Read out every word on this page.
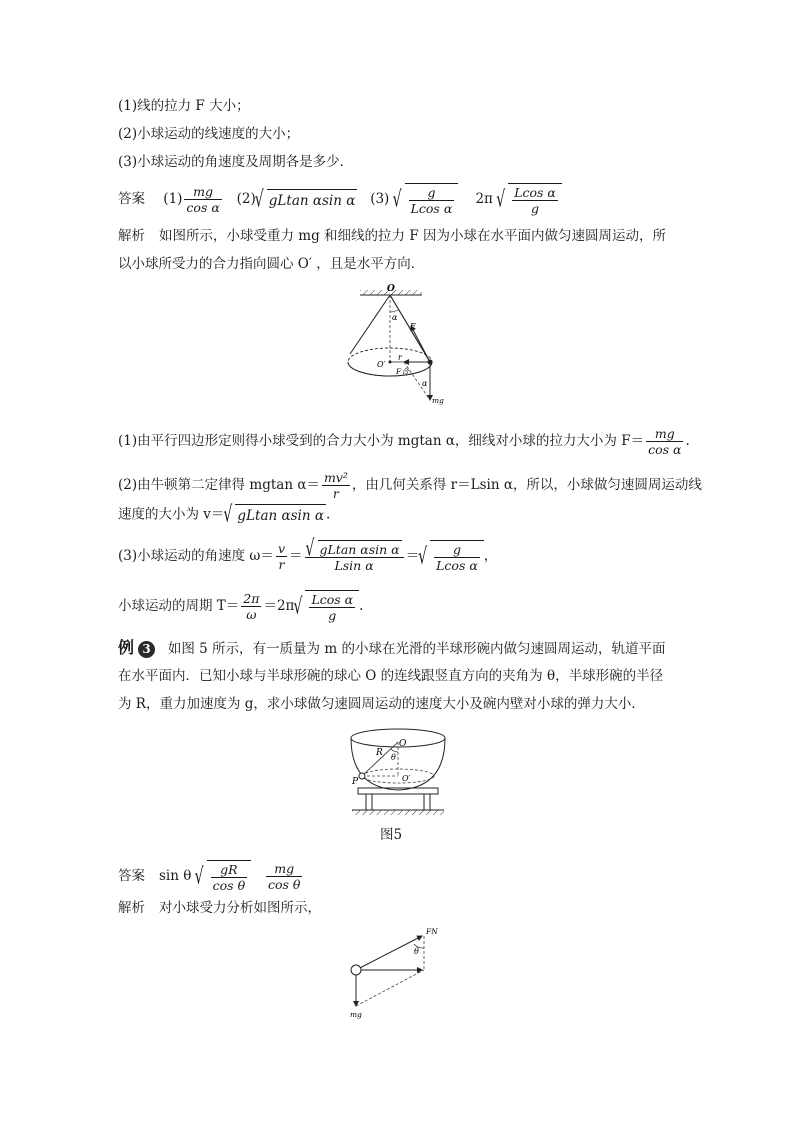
(1)线的拉力 F 大小；
(2)小球运动的线速度的大小；
(3)小球运动的角速度及周期各是多少．
答案 $(1) \frac{mg}{\text{cos α}} (2)√$ gLtan αsin α (3)
√ $\frac{g}{\text{Lcos α}} 2\pi$
√ $\frac{\text{Lcos α}}{g}$
解析 如图所示，小球受重力 mg 和细线的拉力 F 因为小球在水平面内做匀速圆周运动，所
以小球所受力的合力指向圆心 O′ ，且是水平方向．
O
α
F
r
O′
F合
α
mg
(1)由平行四边形定则得小球受到的合力大小为 mgtan α，细线对小球的拉力大小为 $F= \frac{mg}{\text{cos α}}$ .
(2)由牛顿第二定律得 mgtan $\alpha= \frac{\text{mv²}}{r}$ ，由几何关系得 r＝Lsin α，所以，小球做匀速圆周运动线
速度的大小为 v＝√ gLtan αsin α .
(3)小球运动的角速度 $\omega= \frac{v}{r}$ ＝
√ $\frac{\text{gLtan αsin α}}{\text{Lsin α}}$ ＝
√ $\frac{g}{\text{Lcos α}}$ ，
小球运动的周期 $T= \frac{2\pi}{\omega} =2\pi$
√ $\frac{\text{Lcos α}}{g}$ .
例 3 如图 5 所示，有一质量为 m 的小球在光滑的半球形碗内做匀速圆周运动，轨道平面
在水平面内．已知小球与半球形碗的球心 O 的连线跟竖直方向的夹角为 θ，半球形碗的半径
为 R，重力加速度为 g，求小球做匀速圆周运动的速度大小及碗内壁对小球的弹力大小．
O
R θ
P	O′
图5
答案 sin θ
√ $\frac{gR}{\text{cos θ}}$
$\frac{mg}{\text{cos θ}}$
解析 对小球受力分析如图所示，
FN
θ
mg
